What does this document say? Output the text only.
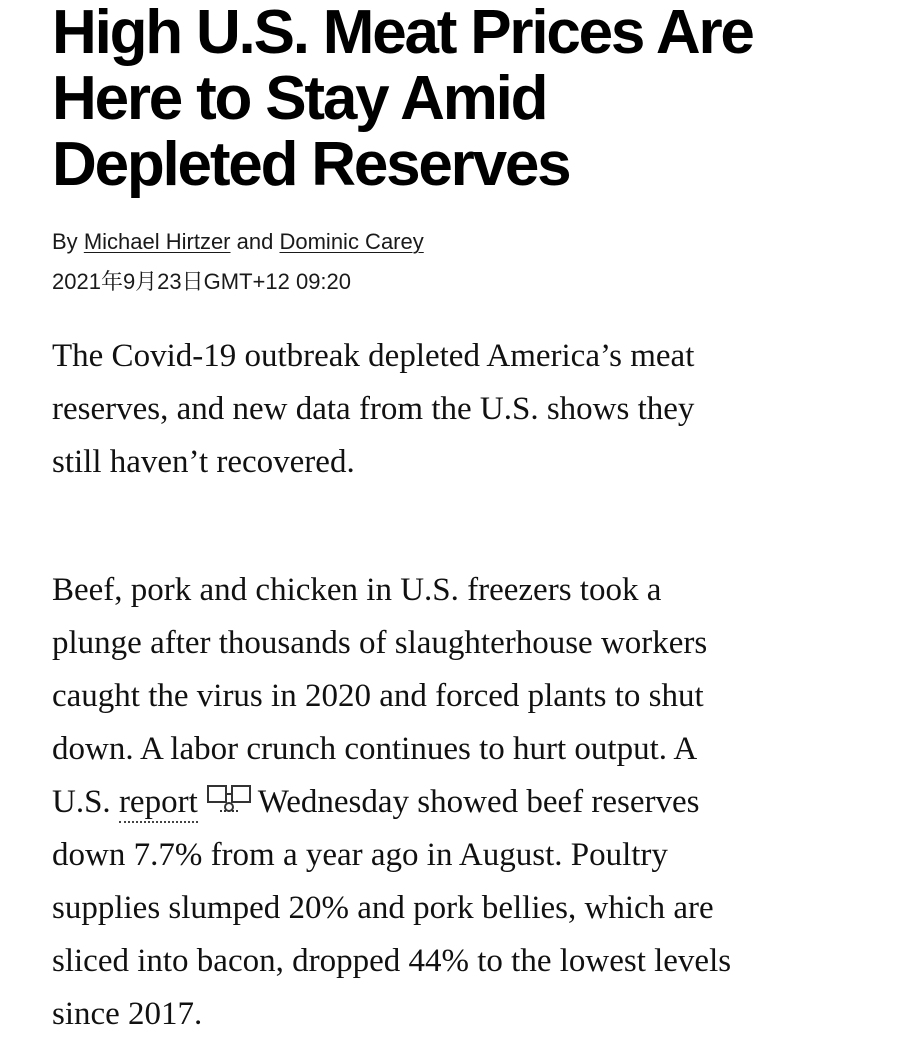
High U.S. Meat Prices Are
Here to Stay Amid
Depleted Reserves
By Michael Hirtzer and Dominic Carey
2021年9月23日GMT+12 09:20
The Covid-19 outbreak depleted America’s meat
reserves, and new data from the U.S. shows they
still haven’t recovered.
Beef, pork and chicken in U.S. freezers took a
plunge after thousands of slaughterhouse workers
caught the virus in 2020 and forced plants to shut
down. A labor crunch continues to hurt output. A
U.S. report Wednesday showed beef reserves
down 7.7% from a year ago in August. Poultry
supplies slumped 20% and pork bellies, which are
sliced into bacon, dropped 44% to the lowest levels
since 2017.
